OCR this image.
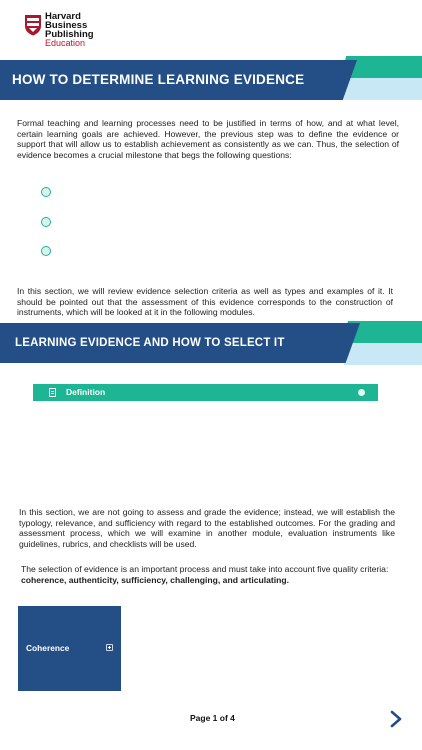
Harvard
Business
Publishing
Education
HOW TO DETERMINE LEARNING EVIDENCE
Formal teaching and learning processes need to be justified in terms of how, and at what level, certain learning goals are achieved. However, the previous step was to define the evidence or support that will allow us to establish achievement as consistently as we can. Thus, the selection of evidence becomes a crucial milestone that begs the following questions:
In this section, we will review evidence selection criteria as well as types and examples of it. It should be pointed out that the assessment of this evidence corresponds to the construction of instruments, which will be looked at it in the following modules.
LEARNING EVIDENCE AND HOW TO SELECT IT
Definition
In this section, we are not going to assess and grade the evidence; instead, we will establish the typology, relevance, and sufficiency with regard to the established outcomes. For the grading and assessment process, which we will examine in another module, evaluation instruments like guidelines, rubrics, and checklists will be used.
The selection of evidence is an important process and must take into account five quality criteria: coherence, authenticity, sufficiency, challenging, and articulating.
Coherence
Page 1 of 4
